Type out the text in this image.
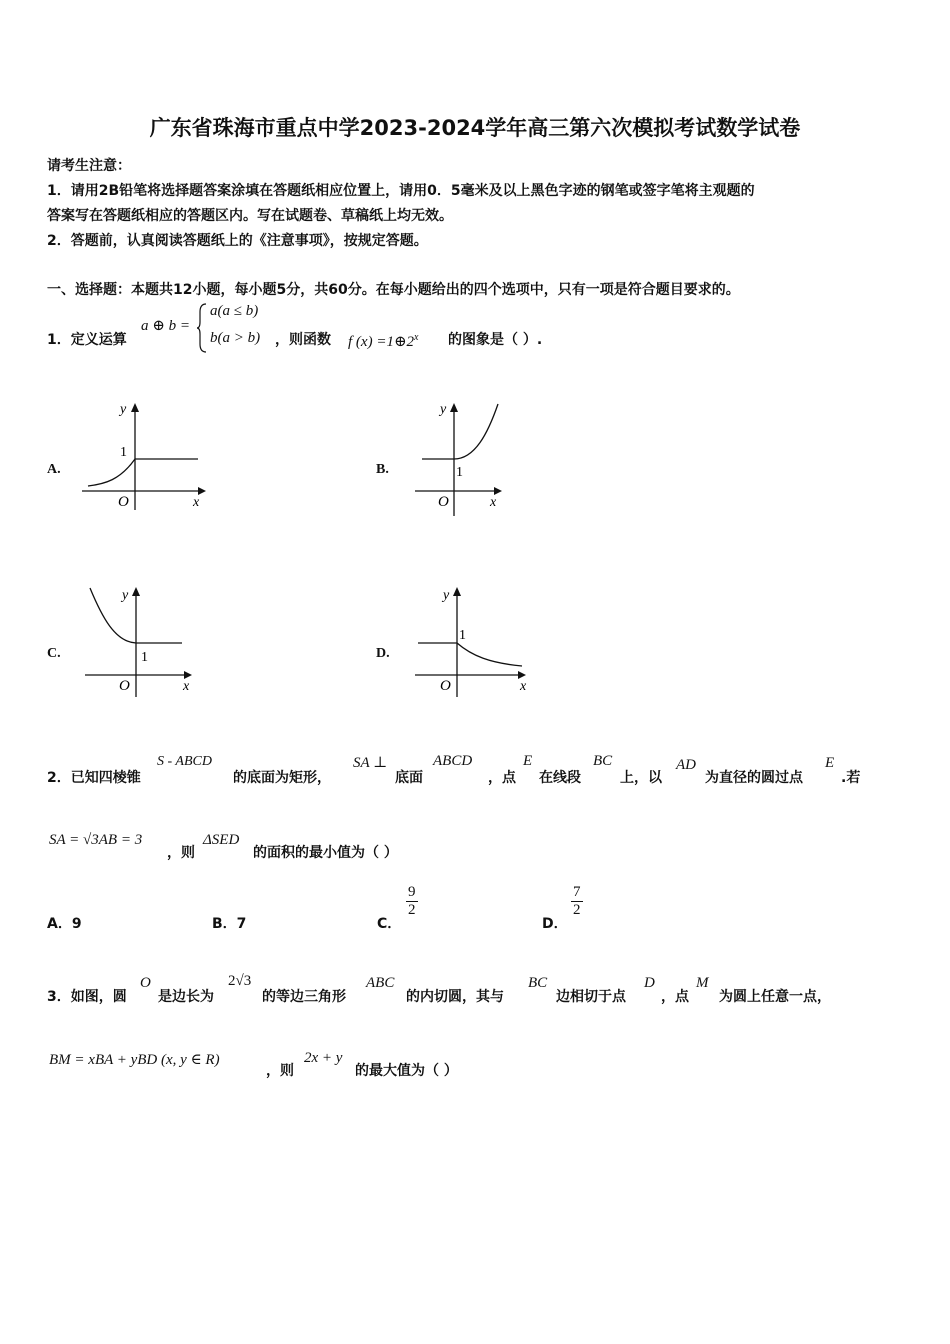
广东省珠海市重点中学2023-2024学年高三第六次模拟考试数学试卷
请考生注意：
1．请用2B铅笔将选择题答案涂填在答题纸相应位置上，请用0．5毫米及以上黑色字迹的钢笔或签字笔将主观题的
答案写在答题纸相应的答题区内。写在试题卷、草稿纸上均无效。
2．答题前，认真阅读答题纸上的《注意事项》，按规定答题。
一、选择题：本题共12小题，每小题5分，共60分。在每小题给出的四个选项中，只有一项是符合题目要求的。
1．定义运算
a ⊕ b =
a(a ≤ b)
b(a > b) ，则函数 f $(x) =1\oplus 2^x$ 的图象是（ ）.
A.
y
1
O	x
B.
y
1
O	x
C.
y
1
O	x
D.
y
1
O	x
2．已知四棱锥
S - ABCD
的底面为矩形，
SA ⊥
底面
ABCD
，点
E
在线段
BC
上，以
AD
为直径的圆过点
E
.若
SA = √3AB = 3
，则
ΔSED
的面积的最小值为（ ）
A．9	B．7	C．
$\frac{9}{2}$
D．
$\frac{7}{2}$
3．如图，圆
O
是边长为
2√3
的等边三角形
ABC
的内切圆，其与
BC
边相切于点
D
，点
M
为圆上任意一点，
BM = xBA + yBD (x, y ∈ R)
，则
2x + y
的最大值为（ ）
